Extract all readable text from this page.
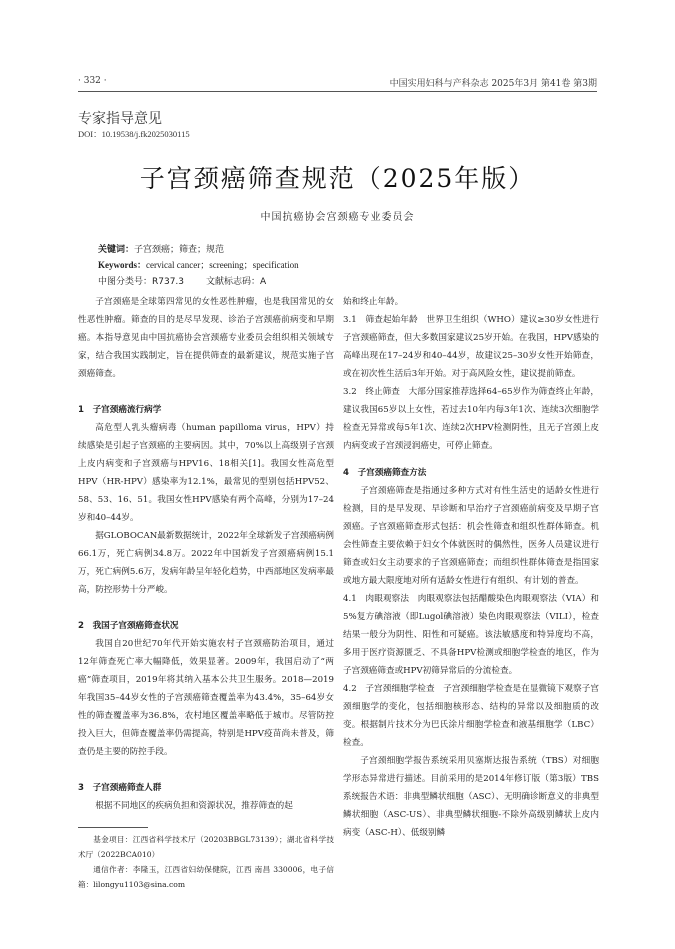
· 332 ·	中国实用妇科与产科杂志 2025年3月 第41卷 第3期
专家指导意见
DOI：10.19538/j.fk2025030115
子宫颈癌筛查规范（2025年版）
中国抗癌协会宫颈癌专业委员会
关键词：子宫颈癌；筛查；规范
Keywords：cervical cancer；screening；specification
中图分类号：R737.3 文献标志码：A

子宫颈癌是全球第四常见的女性恶性肿瘤，也是我国常见的女性恶性肿瘤。筛查的目的是尽早发现、诊治子宫颈癌前病变和早期癌。本指导意见由中国抗癌协会宫颈癌专业委员会组织相关领域专家，结合我国实践制定，旨在提供筛查的最新建议，规范实施子宫颈癌筛查。

1　子宫颈癌流行病学

高危型人乳头瘤病毒（human papilloma virus，HPV）持续感染是引起子宫颈癌的主要病因。其中，70%以上高级别子宫颈上皮内病变和子宫颈癌与HPV16、18相关[1]。我国女性高危型HPV（HR-HPV）感染率为12.1%，最常见的型别包括HPV52、58、53、16、51。我国女性HPV感染有两个高峰，分别为17–24岁和40–44岁。

据GLOBOCAN最新数据统计，2022年全球新发子宫颈癌病例66.1万，死亡病例34.8万。2022年中国新发子宫颈癌病例15.1万，死亡病例5.6万，发病年龄呈年轻化趋势，中西部地区发病率最高，防控形势十分严峻。

2　我国子宫颈癌筛查状况

我国自20世纪70年代开始实施农村子宫颈癌防治项目，通过12年筛查死亡率大幅降低，效果显著。2009年，我国启动了“两癌”筛查项目，2019年将其纳入基本公共卫生服务。2018—2019年我国35–44岁女性的子宫颈癌筛查覆盖率为43.4%，35–64岁女性的筛查覆盖率为36.8%，农村地区覆盖率略低于城市。尽管防控投入巨大，但筛查覆盖率仍需提高，特别是HPV疫苗尚未普及，筛查仍是主要的防控手段。

3　子宫颈癌筛查人群

根据不同地区的疾病负担和资源状况，推荐筛查的起

基金项目：江西省科学技术厅（20203BBGL73139）；湖北省科学技术厅（2022BCA010）

通信作者：李隆玉，江西省妇幼保健院，江西 南昌 330006，电子信箱：lilongyu1103@sina.com

始和终止年龄。

3.1　筛查起始年龄　世界卫生组织（WHO）建议≥30岁女性进行子宫颈癌筛查，但大多数国家建议25岁开始。在我国，HPV感染的高峰出现在17–24岁和40–44岁，故建议25–30岁女性开始筛查，或在初次性生活后3年开始。对于高风险女性，建议提前筛查。

3.2　终止筛查　大部分国家推荐选择64–65岁作为筛查终止年龄，建议我国65岁以上女性，若过去10年内每3年1次、连续3次细胞学检查无异常或每5年1次、连续2次HPV检测阴性，且无子宫颈上皮内病变或子宫颈浸润癌史，可停止筛查。

4　子宫颈癌筛查方法

子宫颈癌筛查是指通过多种方式对有性生活史的适龄女性进行检测，目的是早发现、早诊断和早治疗子宫颈癌前病变及早期子宫颈癌。子宫颈癌筛查形式包括：机会性筛查和组织性群体筛查。机会性筛查主要依赖于妇女个体就医时的偶然性，医务人员建议进行筛查或妇女主动要求的子宫颈癌筛查；而组织性群体筛查是指国家或地方最大限度地对所有适龄女性进行有组织、有计划的普查。

4.1　肉眼观察法　肉眼观察法包括醋酸染色肉眼观察法（VIA）和5%复方碘溶液（即Lugol碘溶液）染色肉眼观察法（VILI），检查结果一般分为阴性、阳性和可疑癌。该法敏感度和特异度均不高，多用于医疗资源匮乏、不具备HPV检测或细胞学检查的地区，作为子宫颈癌筛查或HPV初筛异常后的分流检查。

4.2　子宫颈细胞学检查　子宫颈细胞学检查是在显微镜下观察子宫颈细胞学的变化，包括细胞核形态、结构的异常以及细胞质的改变。根据制片技术分为巴氏涂片细胞学检查和液基细胞学（LBC）检查。

子宫颈细胞学报告系统采用贝塞斯达报告系统（TBS）对细胞学形态异常进行描述。目前采用的是2014年修订版（第3版）TBS系统报告术语：非典型鳞状细胞（ASC）、无明确诊断意义的非典型鳞状细胞（ASC-US）、非典型鳞状细胞-不除外高级别鳞状上皮内病变（ASC-H）、低级别鳞
